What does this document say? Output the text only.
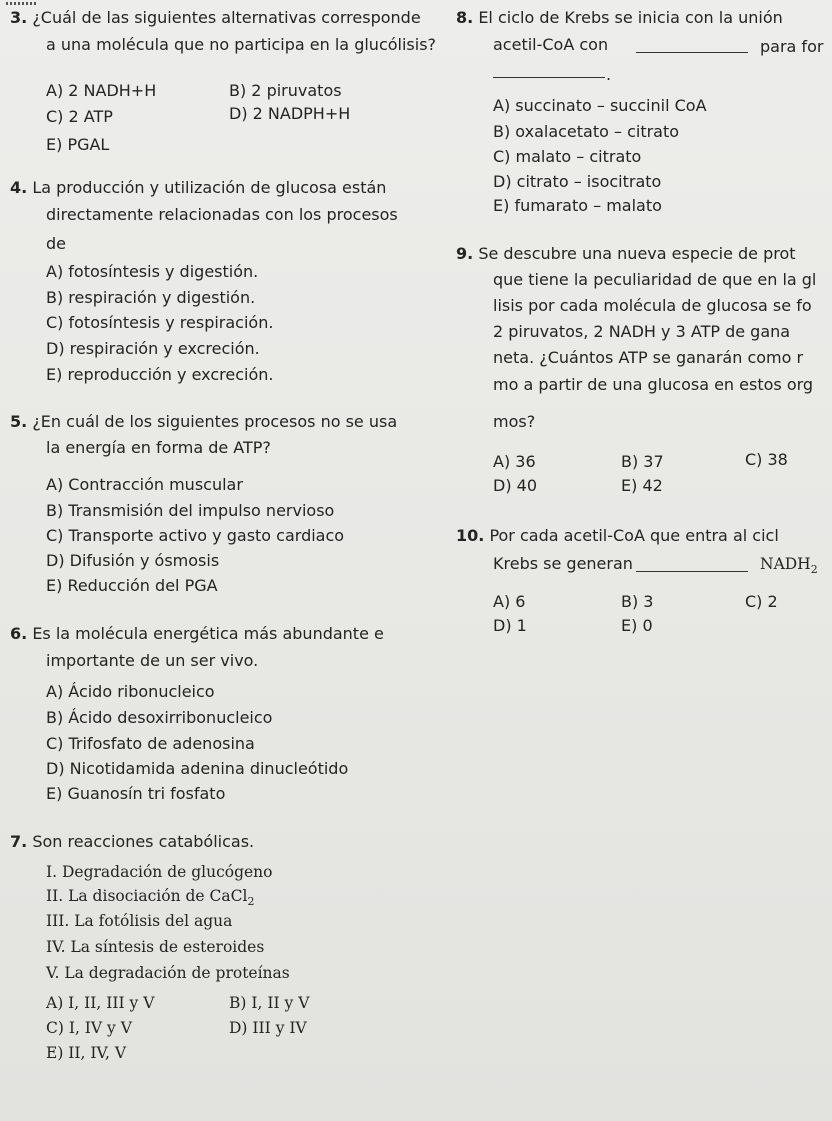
3. ¿Cuál de las siguientes alternativas corresponde
a una molécula que no participa en la glucólisis?
A) 2 NADH+H	B) 2 piruvatos
C) 2 ATP	D) 2 NADPH+H
E) PGAL
4. La producción y utilización de glucosa están
directamente relacionadas con los procesos
de
A) fotosíntesis y digestión.
B) respiración y digestión.
C) fotosíntesis y respiración.
D) respiración y excreción.
E) reproducción y excreción.
5. ¿En cuál de los siguientes procesos no se usa
la energía en forma de ATP?
A) Contracción muscular
B) Transmisión del impulso nervioso
C) Transporte activo y gasto cardiaco
D) Difusión y ósmosis
E) Reducción del PGA
6. Es la molécula energética más abundante e
importante de un ser vivo.
A) Ácido ribonucleico
B) Ácido desoxirribonucleico
C) Trifosfato de adenosina
D) Nicotidamida adenina dinucleótido
E) Guanosín tri fosfato
7. Son reacciones catabólicas.
I. Degradación de glucógeno
II. La disociación de CaCl$_2$
III. La fotólisis del agua
IV. La síntesis de esteroides
V. La degradación de proteínas
A) I, II, III y V	B) I, II y V
C) I, IV y V	D) III y IV
E) II, IV, V
8. El ciclo de Krebs se inicia con la unión
acetil-CoA con	para for
.
A) succinato – succinil CoA
B) oxalacetato – citrato
C) malato – citrato
D) citrato – isocitrato
E) fumarato – malato
9. Se descubre una nueva especie de prot
que tiene la peculiaridad de que en la gl
lisis por cada molécula de glucosa se fo
2 piruvatos, 2 NADH y 3 ATP de gana
neta. ¿Cuántos ATP se ganarán como r
mo a partir de una glucosa en estos org
mos?
A) 36	B) 37	C) 38
D) 40	E) 42
10. Por cada acetil-CoA que entra al cicl
Krebs se generan	$NADH_2$
A) 6	B) 3	C) 2
D) 1	E) 0
